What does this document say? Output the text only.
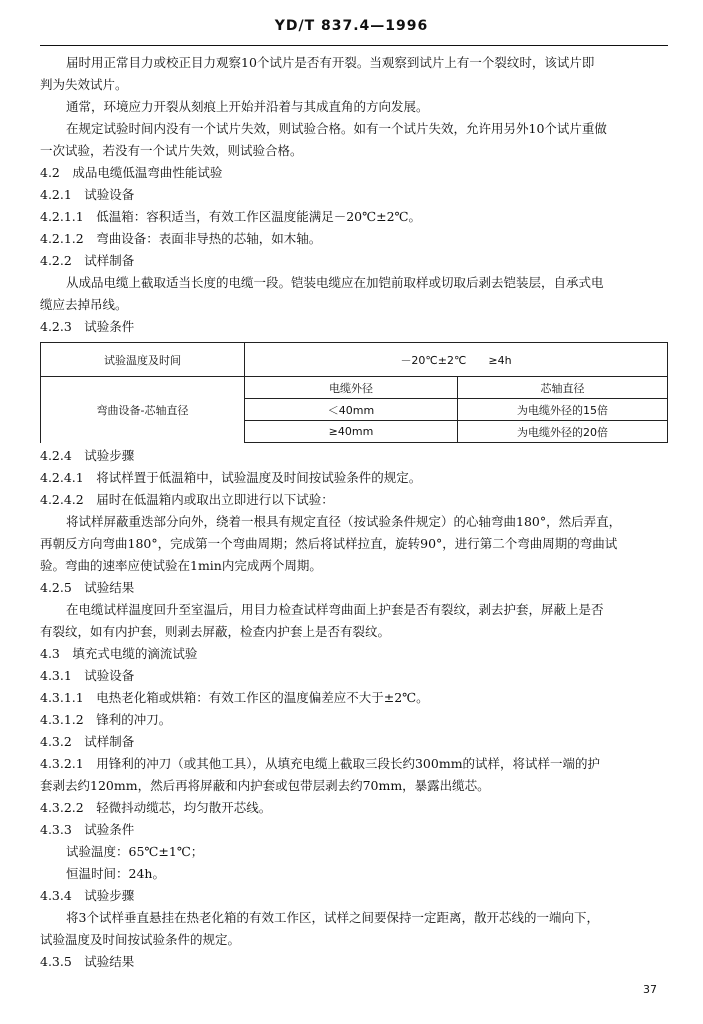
YD/T 837.4—1996
届时用正常目力或校正目力观察10个试片是否有开裂。当观察到试片上有一个裂纹时，该试片即
判为失效试片。
通常，环境应力开裂从刻痕上开始并沿着与其成直角的方向发展。
在规定试验时间内没有一个试片失效，则试验合格。如有一个试片失效，允许用另外10个试片重做
一次试验，若没有一个试片失效，则试验合格。
4.2　成品电缆低温弯曲性能试验
4.2.1　试验设备
4.2.1.1　低温箱：容积适当，有效工作区温度能满足－20℃±2℃。
4.2.1.2　弯曲设备：表面非导热的芯轴，如木轴。
4.2.2　试样制备
从成品电缆上截取适当长度的电缆一段。铠装电缆应在加铠前取样或切取后剥去铠装层，自承式电
缆应去掉吊线。
4.2.3　试验条件
试验温度及时间	－20℃±2℃　　≥4h	
弯曲设备-芯轴直径	电缆外径	芯轴直径
	＜40mm	为电缆外径的15倍
	≥40mm	为电缆外径的20倍
4.2.4　试验步骤
4.2.4.1　将试样置于低温箱中，试验温度及时间按试验条件的规定。
4.2.4.2　届时在低温箱内或取出立即进行以下试验：
将试样屏蔽重迭部分向外，绕着一根具有规定直径（按试验条件规定）的心轴弯曲180°，然后弄直，
再朝反方向弯曲180°，完成第一个弯曲周期；然后将试样拉直，旋转90°，进行第二个弯曲周期的弯曲试
验。弯曲的速率应使试验在1min内完成两个周期。
4.2.5　试验结果
在电缆试样温度回升至室温后，用目力检查试样弯曲面上护套是否有裂纹，剥去护套，屏蔽上是否
有裂纹，如有内护套，则剥去屏蔽，检查内护套上是否有裂纹。
4.3　填充式电缆的滴流试验
4.3.1　试验设备
4.3.1.1　电热老化箱或烘箱：有效工作区的温度偏差应不大于±2℃。
4.3.1.2　锋利的冲刀。
4.3.2　试样制备
4.3.2.1　用锋利的冲刀（或其他工具），从填充电缆上截取三段长约300mm的试样，将试样一端的护
套剥去约120mm，然后再将屏蔽和内护套或包带层剥去约70mm，暴露出缆芯。
4.3.2.2　轻微抖动缆芯，均匀散开芯线。
4.3.3　试验条件
试验温度：65℃±1℃；
恒温时间：24h。
4.3.4　试验步骤
将3个试样垂直悬挂在热老化箱的有效工作区，试样之间要保持一定距离，散开芯线的一端向下，
试验温度及时间按试验条件的规定。
4.3.5　试验结果
37
